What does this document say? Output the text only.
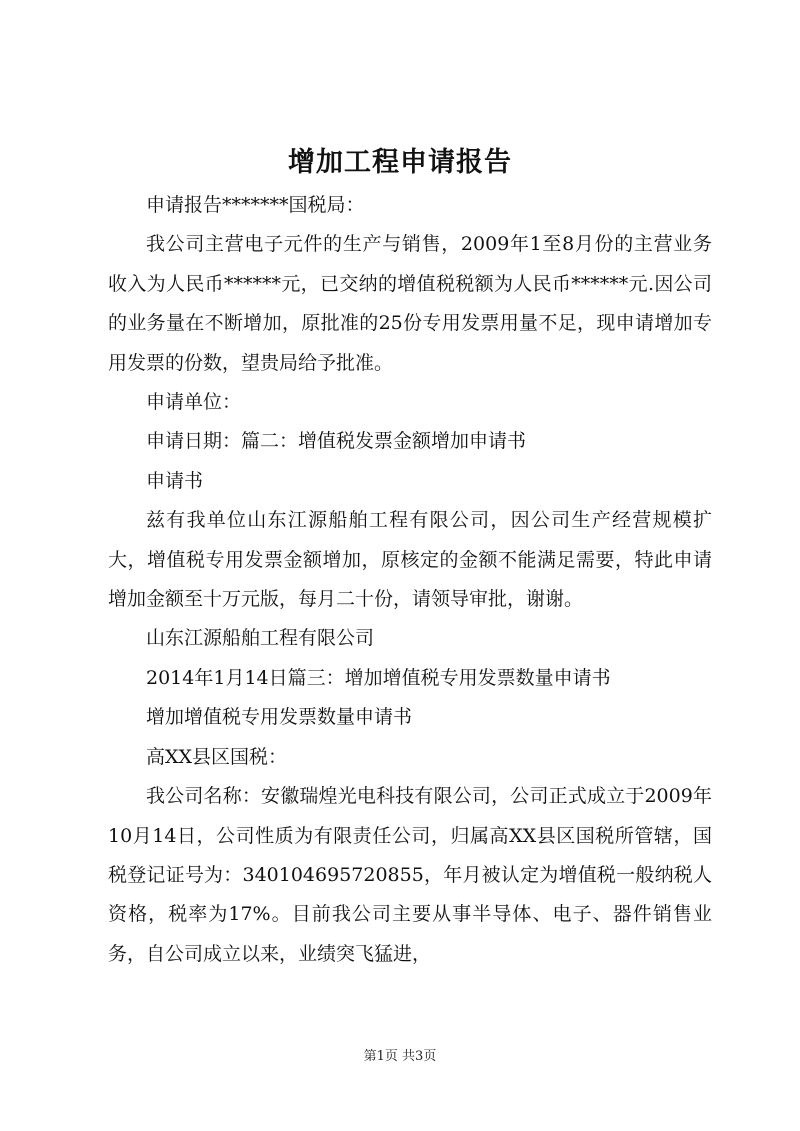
增加工程申请报告

申请报告*******国税局：

我公司主营电子元件的生产与销售，2009年1至8月份的主营业务收入为人民币******元，已交纳的增值税税额为人民币******元.因公司的业务量在不断增加，原批准的25份专用发票用量不足，现申请增加专用发票的份数，望贵局给予批准。

申请单位：

申请日期：篇二：增值税发票金额增加申请书

申请书

兹有我单位山东江源船舶工程有限公司，因公司生产经营规模扩大，增值税专用发票金额增加，原核定的金额不能满足需要，特此申请增加金额至十万元版，每月二十份，请领导审批，谢谢。

山东江源船舶工程有限公司

2014年1月14日篇三：增加增值税专用发票数量申请书

增加增值税专用发票数量申请书

高XX县区国税：

我公司名称：安徽瑞煌光电科技有限公司，公司正式成立于2009年10月14日，公司性质为有限责任公司，归属高XX县区国税所管辖，国税登记证号为：340104695720855，年月被认定为增值税一般纳税人资格，税率为17%。目前我公司主要从事半导体、电子、器件销售业务，自公司成立以来，业绩突飞猛进，

第1页 共3页
